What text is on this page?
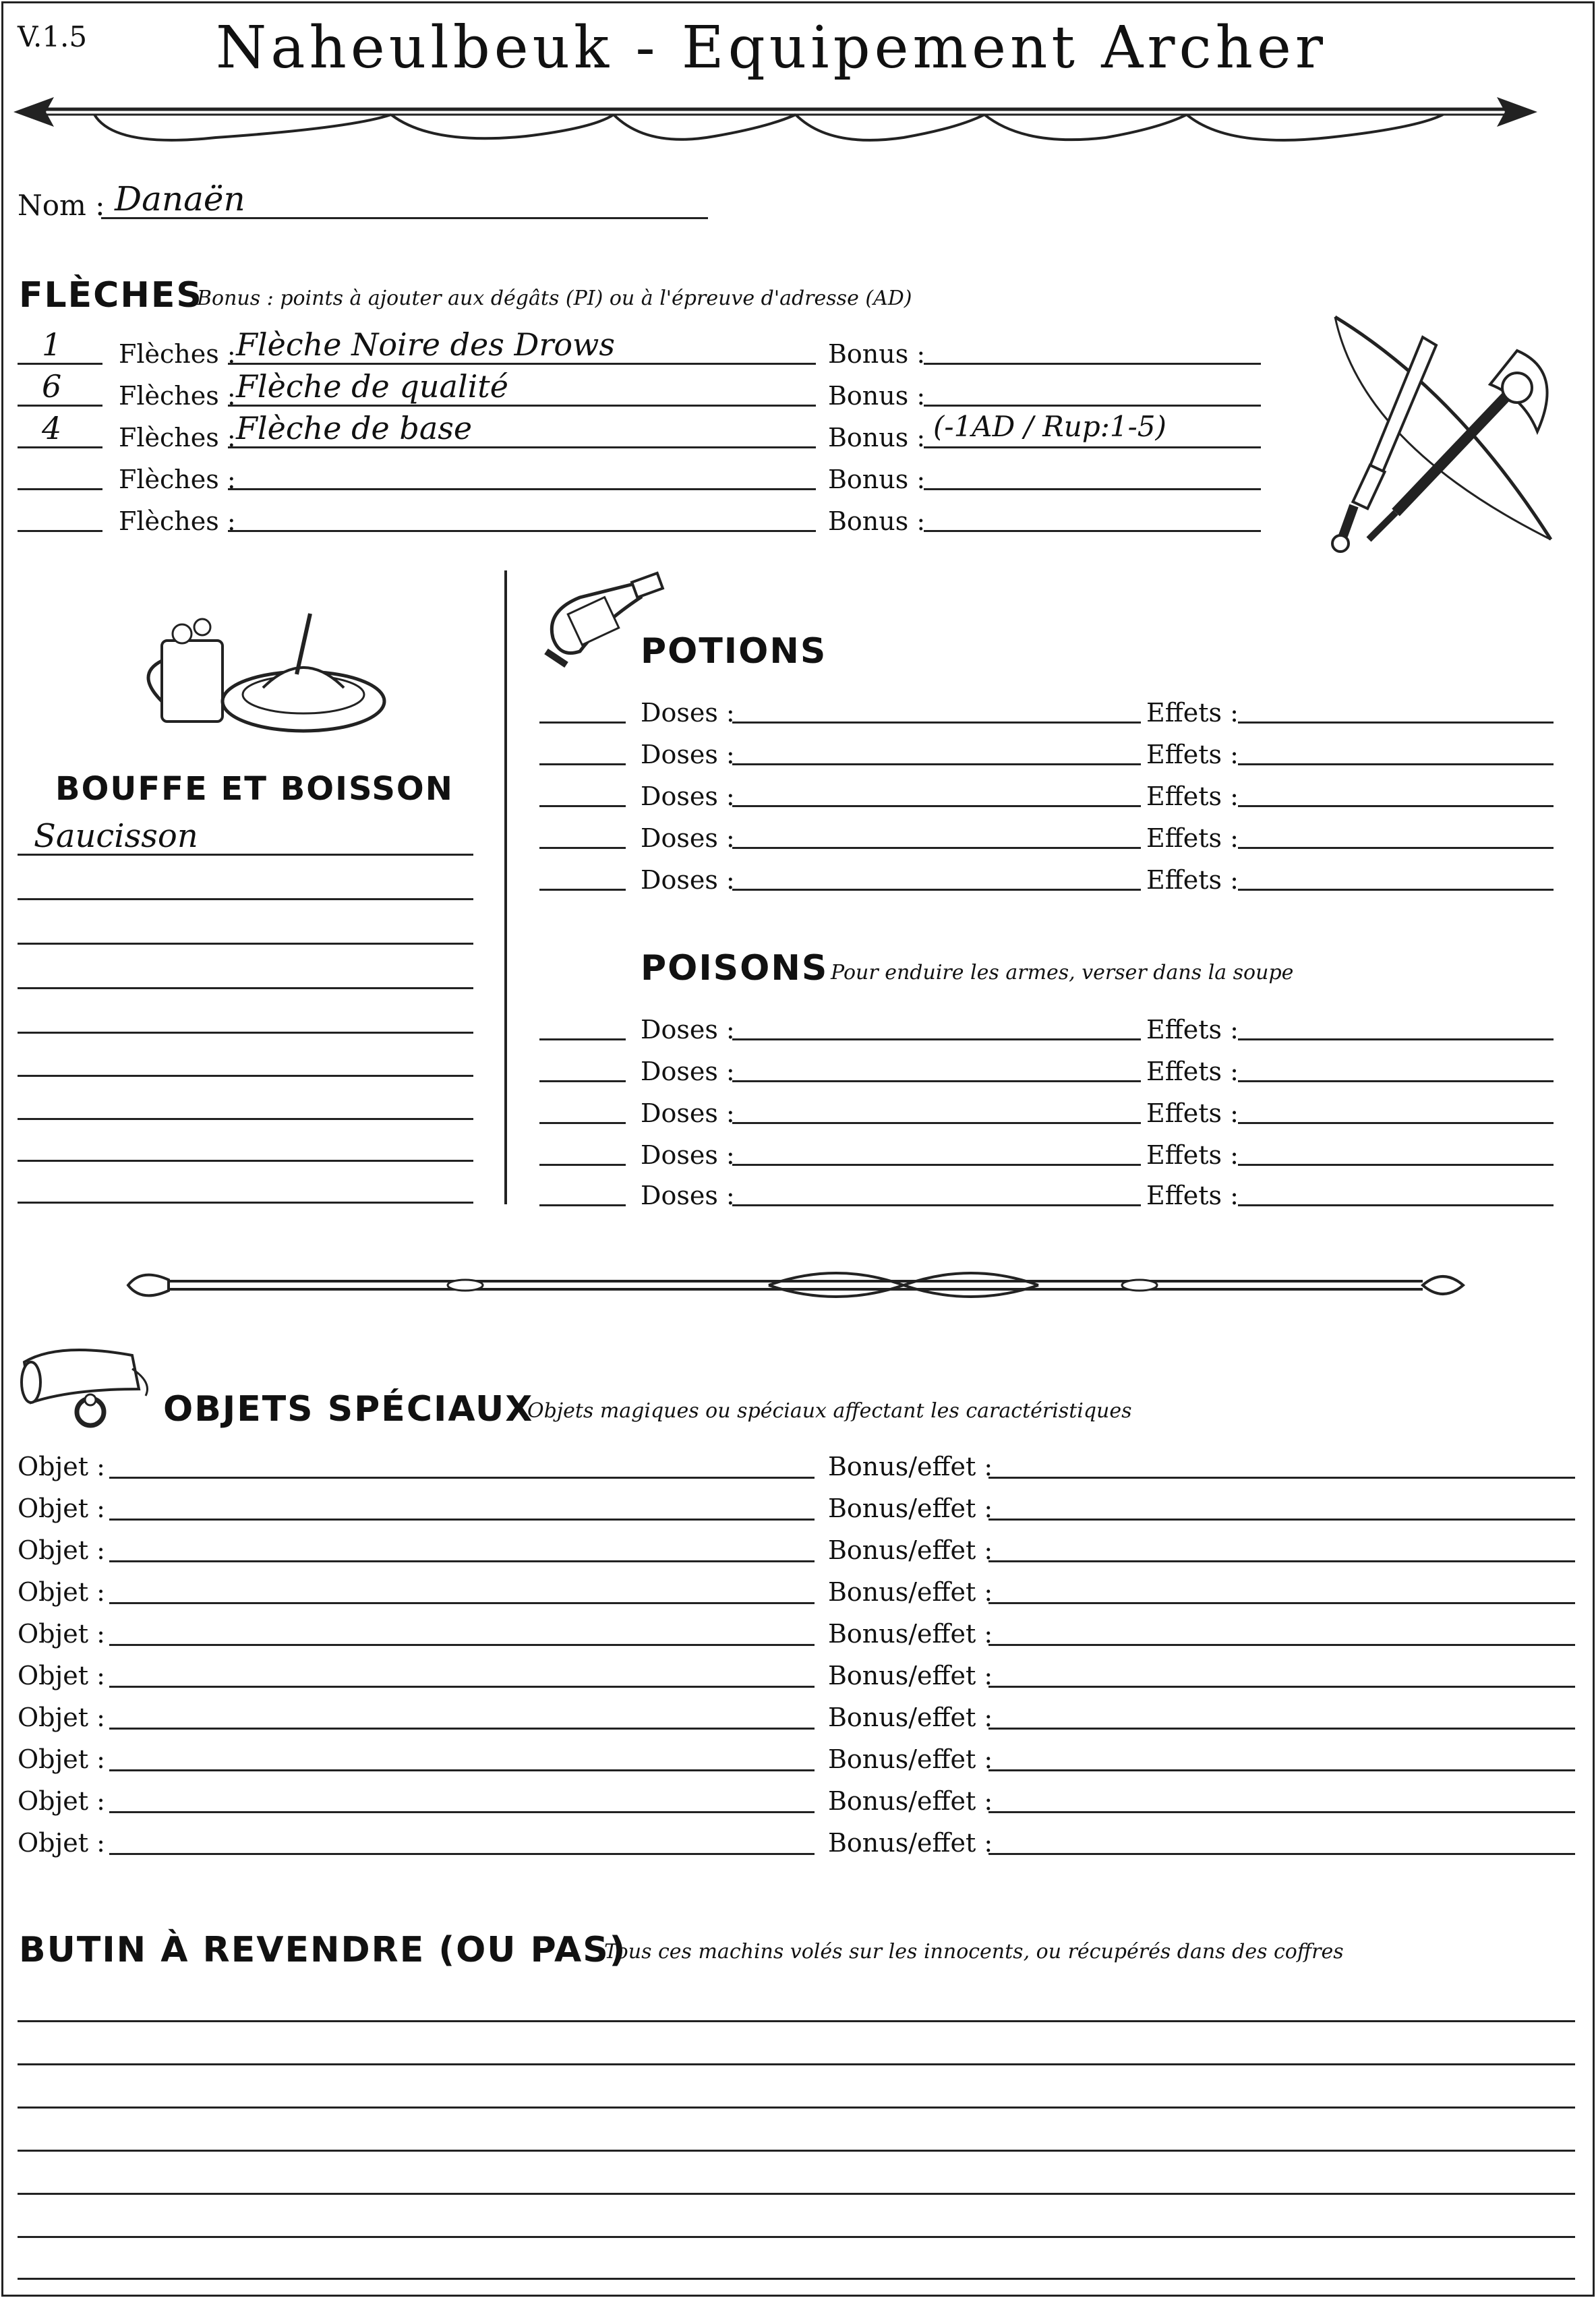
V.1.5 Naheulbeuk - Equipement Archer
Nom : Danaën
FLÈCHES
Bonus : points à ajouter aux dégâts (PI) ou à l'épreuve d'adresse (AD)
1 Flèches : Flèche Noire des Drows	Bonus :
6 Flèches : Flèche de qualité	Bonus :
4 Flèches : Flèche de base	Bonus : (-1AD / Rup:1-5)
Flèches :	Bonus :
Flèches :	Bonus :
BOUFFE ET BOISSON
Saucisson
POTIONS
Doses :	Effets :
Doses :	Effets :
Doses :	Effets :
Doses :	Effets :
Doses :	Effets :
POISONS Pour enduire les armes, verser dans la soupe
Doses :	Effets :
Doses :	Effets :
Doses :	Effets :
Doses :	Effets :
Doses :	Effets :
OBJETS SPÉCIAUX
Objets magiques ou spéciaux affectant les caractéristiques
Objet :	Bonus/effet :
Objet :	Bonus/effet :
Objet :	Bonus/effet :
Objet :	Bonus/effet :
Objet :	Bonus/effet :
Objet :	Bonus/effet :
Objet :	Bonus/effet :
Objet :	Bonus/effet :
Objet :	Bonus/effet :
Objet :	Bonus/effet :
BUTIN À REVENDRE (OU PAS)
Tous ces machins volés sur les innocents, ou récupérés dans des coffres
